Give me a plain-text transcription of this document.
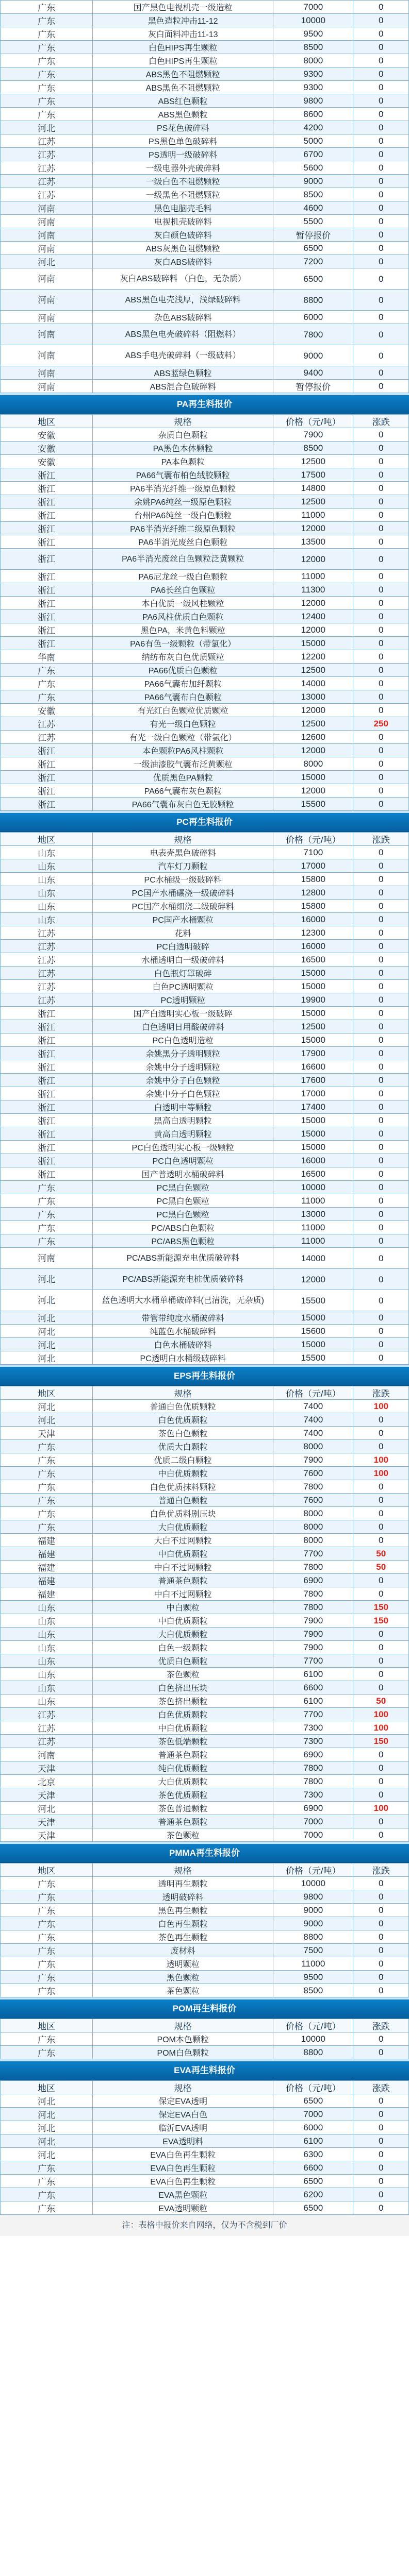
广东	国产黑色电视机壳一级造粒	7000	0
广东	黑色造粒冲击11-12	10000	0
广东	灰白面料冲击11-13	9500	0
广东	白色HIPS再生颗粒	8500	0
广东	白色HIPS再生颗粒	8000	0
广东	ABS黑色不阻燃颗粒	9300	0
广东	ABS黑色不阻燃颗粒	9300	0
广东	ABS红色颗粒	9800	0
广东	ABS黑色颗粒	8600	0
河北	PS花色破碎料	4200	0
江苏	PS黑色单色破碎料	5000	0
江苏	PS透明一级破碎料	6700	0
江苏	一级电器外壳破碎料	5600	0
江苏	一级白色不阻燃颗粒	9000	0
江苏	一级黑色不阻燃颗粒	8500	0
河南	黑色电脑壳毛料	4600	0
河南	电视机壳破碎料	5500	0
河南	灰白颜色破碎料	暂停报价	0
河南	ABS灰黑色阻燃颗粒	6500	0
河北	灰白ABS破碎料	7200	0
河南	灰白ABS破碎料 （白色，无杂质）	6500	0
河南	ABS黑色电壳浅厚，浅绿破碎料	8800	0
河南	杂色ABS破碎料	6000	0
河南	ABS黑色电壳破碎料（阻燃料）	7800	0
河南	ABS手电壳破碎料（一级破料）	9000	0
河南	ABS蓝绿色颗粒	9400	0
河南	ABS混合色破碎料	暂停报价	0
PA再生料报价
地区	规格	价格（元/吨）	涨跌
安徽	杂质白色颗粒	7900	0
安徽	PA黑色本体颗粒	8500	0
安徽	PA本色颗粒	12500	0
浙江	PA66气囊布柏色绒胶颗粒	17500	0
浙江	PA6半消光纤维一级原色颗粒	14800	0
浙江	余姚PA6纯丝一级原色颗粒	12500	0
浙江	台州PA6纯丝一级白色颗粒	11000	0
浙江	PA6半消光纤维二级原色颗粒	12000	0
浙江	PA6半消光废丝白色颗粒	13500	0
浙江	PA6半消光废丝白色颗粒泛黄颗粒	12000	0
浙江	PA6尼龙丝一级白色颗粒	11000	0
浙江	PA6长丝白色颗粒	11300	0
浙江	本白优质一级风柱颗粒	12000	0
浙江	PA6风柱优质白色颗粒	12400	0
浙江	黑色PA，米黄色料颗粒	12000	0
浙江	PA6有色一级颗粒（带氯化）	15000	0
华南	纳纺布灰白色优质颗粒	12200	0
广东	PA66优质白色颗粒	12500	0
广东	PA66气囊布加纤颗粒	14000	0
广东	PA66气囊布白色颗粒	13000	0
安徽	有光红白色颗粒优质颗粒	12000	0
江苏	有光一级白色颗粒	12500	250
江苏	有光一级白色颗粒（带氯化）	12600	0
浙江	本色颗粒PA6风柱颗粒	12000	0
浙江	一级油漆胶气囊布泛黄颗粒	8000	0
浙江	优质黑色PA颗粒	15000	0
浙江	PA66气囊布灰色颗粒	12000	0
浙江	PA66气囊布灰白色无胶颗粒	15500	0
PC再生料报价
地区	规格	价格（元/吨）	涨跌
山东	电表壳黑色破碎料	7100	0
山东	汽车灯刀颗粒	17000	0
山东	PC水桶级一级破碎料	15800	0
山东	PC国产水桶碾浇一级破碎料	12800	0
山东	PC国产水桶细浇二级破碎料	15800	0
山东	PC国产水桶颗粒	16000	0
江苏	花料	12300	0
江苏	PC白透明破碎	16000	0
江苏	水桶透明白一级破碎料	16500	0
江苏	白色瓶灯罩破碎	15000	0
江苏	白色PC透明颗粒	15000	0
江苏	PC透明颗粒	19900	0
浙江	国产白透明实心板一级破碎	15000	0
浙江	白色透明日用酸破碎料	12500	0
浙江	PC白色透明造粒	15000	0
浙江	余姚黑分子透明颗粒	17900	0
浙江	余姚中分子透明颗粒	16600	0
浙江	余姚中分子白色颗粒	17600	0
浙江	余姚中分子白色颗粒	17000	0
浙江	白透明中等颗粒	17400	0
浙江	黑高白透明颗粒	15000	0
浙江	黄高白透明颗粒	15000	0
浙江	PC白色透明实心板一级颗粒	15000	0
浙江	PC白色透明颗粒	16000	0
浙江	国产普透明水桶破碎料	16500	0
广东	PC黑白色颗粒	10000	0
广东	PC黑白色颗粒	11000	0
广东	PC黑白色颗粒	13000	0
广东	PC/ABS白色颗粒	11000	0
广东	PC/ABS黑色颗粒	11000	0
河南	PC/ABS新能源充电优质破碎料	14000	0
河北	PC/ABS新能源充电桩优质破碎料	12000	0
河北	蓝色透明大水桶单桶破碎料(已清洗，无杂质)	15500	0
河北	带管带纯度水桶破碎料	15000	0
河北	纯蓝色水桶破碎料	15600	0
河北	白色水桶破碎料	15000	0
河北	PC透明白水桶级破碎料	15500	0
EPS再生料报价
地区	规格	价格（元/吨）	涨跌
河北	普通白色优质颗粒	7400	100
河北	白色优质颗粒	7400	0
天津	茶色白色颗粒	7400	0
广东	优质大白颗粒	8000	0
广东	优质二级白颗粒	7900	100
广东	中白优质颗粒	7600	100
广东	白色优质抹料颗粒	7800	0
广东	普通白色颗粒	7600	0
广东	白色优质料剧压块	8000	0
广东	大白优质颗粒	8000	0
福建	大白不过网颗粒	8000	0
福建	中白优质颗粒	7700	50
福建	中白不过网颗粒	7800	50
福建	普通茶色颗粒	6900	0
福建	中白不过网颗粒	7800	0
山东	中白颗粒	7800	150
山东	中白优质颗粒	7900	150
山东	大白优质颗粒	7900	0
山东	白色一级颗粒	7900	0
山东	优质白色颗粒	7700	0
山东	茶色颗粒	6100	0
山东	白色挤出压块	6600	0
山东	茶色挤出颗粒	6100	50
江苏	白色优质颗粒	7700	100
江苏	中白优质颗粒	7300	100
江苏	茶色低端颗粒	7300	150
河南	普通茶色颗粒	6900	0
天津	纯白优质颗粒	7800	0
北京	大白优质颗粒	7800	0
天津	茶色优质颗粒	7300	0
河北	茶色普通颗粒	6900	100
天津	普通茶色颗粒	7000	0
天津	茶色颗粒	7000	0
PMMA再生料报价
地区	规格	价格（元/吨）	涨跌
广东	透明再生颗粒	10000	0
广东	透明破碎料	9800	0
广东	黑色再生颗粒	9000	0
广东	白色再生颗粒	9000	0
广东	茶色再生颗粒	8800	0
广东	废材料	7500	0
广东	透明颗粒	11000	0
广东	黑色颗粒	9500	0
广东	茶色颗粒	8500	0
POM再生料报价
地区	规格	价格（元/吨）	涨跌
广东	POM本色颗粒	10000	0
广东	POM白色颗粒	8800	0
EVA再生料报价
地区	规格	价格（元/吨）	涨跌
河北	保定EVA透明	6500	0
河北	保定EVA白色	7000	0
河北	临沂EVA透明	6000	0
河北	EVA透明料	6100	0
河北	EVA白色再生颗粒	6300	0
广东	EVA白色再生颗粒	6600	0
广东	EVA白色再生颗粒	6500	0
广东	EVA黑色颗粒	6200	0
广东	EVA透明颗粒	6500	0
注：表格中报价来自网络，仅为不含税到厂价
